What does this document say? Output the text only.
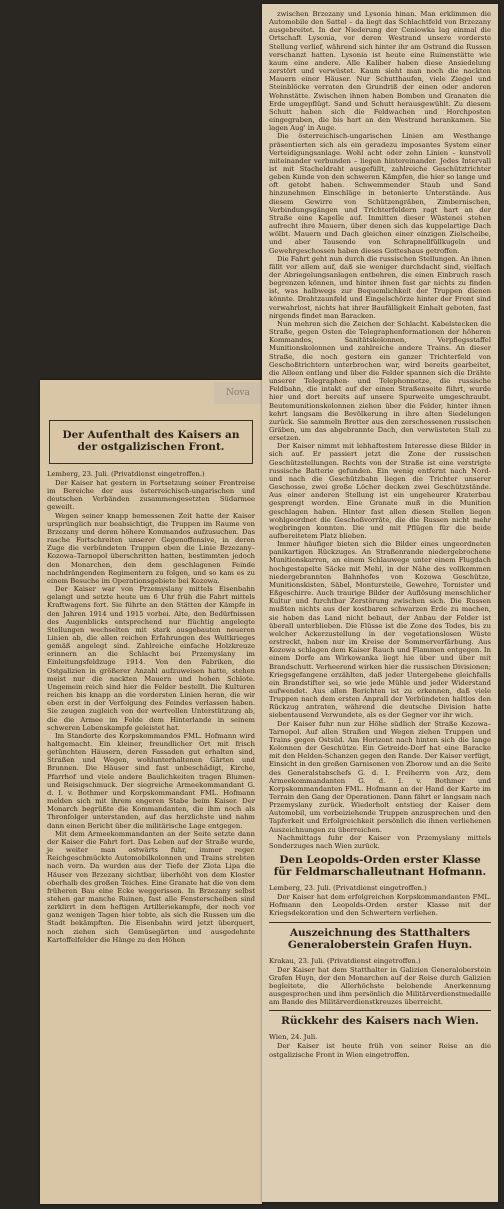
Der Aufenthalt des Kaisers an der ostgalizischen Front.
Lemberg, 23. Juli. (Privatdienst eingetroffen.)

Der Kaiser hat gestern in Fortsetzung seiner Frontreise im Bereiche der aus österreichisch-ungarischen und deutschen Verbänden zusammengesetzten Südarmee geweilt.

Wegen seiner knapp bemessenen Zeit hatte der Kaiser ursprünglich nur beabsichtigt, die Truppen im Raume von Brzezany und deren höhere Kommandos aufzusuchen. Das rasche Fortschreiten unserer Gegenoffensive, in deren Zuge die verbündeten Truppen eben die Linie Brzezany–Kozowa–Tarnopol überschritten hatten, bestimmten jedoch den Monarchen, den dem geschlagenen Feinde nachdrängenden Regimentern zu folgen, und so kam es zu einem Besuche im Operationsgebiete bei Kozowa.

Der Kaiser war von Przemyslany mittels Eisenbahn gelangt und setzte heute um 6 Uhr früh die Fahrt mittels Kraftwagens fort. Sie führte an den Stätten der Kämpfe in den Jahren 1914 und 1915 vorbei. Alte, den Bedürfnissen des Augenblicks entsprechend nur flüchtig angelegte Stellungen wechselten mit stark ausgebauten neueren Linien ab, die allen reichen Erfahrungen des Weltkrieges gemäß angelegt sind. Zahlreiche einfache Holzkreuze erinnern an die Schlacht bei Przemyslany im Einleitungsfeldzuge 1914. Von den Fabriken, die Ostgalizien in größerer Anzahl aufzuweisen hatte, stehen meist nur die nackten Mauern und hohen Schlote. Ungemein reich sind hier die Felder bestellt. Die Kulturen reichen bis knapp an die vordersten Linien heran, die wir eben erst in der Verfolgung des Feindes verlassen haben. Sie zeugen zugleich von der wertvollen Unterstützung ab, die die Armee im Felde dem Hinterlande in seinem schweren Lebenskampfe geleistet hat.

Im Standorte des Korpskommandos FML. Hofmann wird haltgemacht. Ein kleiner, freundlicher Ort mit frisch getünchten Häusern, deren Fassaden gut erhalten sind, Straßen und Wegen, wohlunterhaltenen Gärten und Brunnen. Die Häuser sind fast unbeschädigt, Kirche, Pfarrhof und viele andere Baulichkeiten tragen Blumen- und Reisigschmuck. Der siegreiche Armeekommandant G. d. I. v. Bothmer und Korpskommandant FML. Hofmann melden sich mit ihrem engeren Stabe beim Kaiser. Der Monarch begrüßte die Kommandanten, die ihm noch als Thronfolger unterstanden, auf das herzlichste und nahm dann einen Bericht über die militärische Lage entgegen.

Mit dem Armeekommandanten an der Seite setzte dann der Kaiser die Fahrt fort. Das Leben auf der Straße wurde, je weiter man ostwärts fuhr, immer reger. Reichgeschmückte Automobilkolonnen und Trains strebten nach vorn. Da wurden aus der Tiefe der Zlota Lipa die Häuser von Brzezany sichtbar, überhöht von dem Kloster oberhalb des großen Teiches. Eine Granate hat die von dem früheren Bau eine Ecke weggerissen. In Brzezany selbst stehen gar manche Ruinen, fast alle Fensterscheiben sind zerklirrt in dem heftigen Artilleriekampfe, der noch vor ganz wenigen Tagen hier tobte, als sich die Russen um die Stadt bekämpften. Die Eisenbahn wird jetzt überquert, noch ziehen sich Gemüsegärten und ausgedehnte Kartoffelfelder die Hänge zu den Höhen

Nova

zwischen Brzezany und Lysonia hinan. Man erklimmen die Automobile den Sattel – da liegt das Schlachtfeld von Brzezany ausgebreitet. In der Niederung der Ceniowka lag einmal die Ortschaft Lysonia, vor deren Westrand unsere vorderste Stellung verlief, während sich hinter ihr am Ostrand die Russen verschanzt hatten. Lysonia ist heute eine Ruinenstätte wie kaum eine andere. Alle Kaliber haben diese Ansiedelung zerstört und verwüstet. Kaum sieht man noch die nackten Mauern einer Häuser. Nur Schutthaufen, viele Ziegel und Steinblöcke verraten den Grundriß der einen oder anderen Wohnstätte. Zwischen ihnen haben Bomben und Granaten die Erde umgepflügt. Sand und Schutt herausgewühlt. Zu diesem Schutt haben sich die Feldwachen und Horchposten eingegraben, die bis hart an den Westrand herankamen. Sie lagen Aug' in Auge.

Die österreichisch-ungarischen Linien am Westhange präsentierten sich als ein geradezu imposantes System einer Verteidigungsanlage. Wohl acht oder zehn Linien – kunstvoll miteinander verbunden – liegen hintereinander. Jedes Intervall ist mit Stacheldraht ausgefüllt, zahlreiche Geschütztrichter geben Kunde von den schweren Kämpfen, die hier so lange und oft getobt haben. Schwemmender Staub und Sand hinzunehmen Einschläge in betonierte Unterstände. Aus diesem Gewirre von Schützengräben, Zimbernischen, Verbindungsgängen und Trichterfeldern ragt hart an der Straße eine Kapelle auf. Inmitten dieser Wüstenei stehen aufrecht ihre Mauern, über denen sich das kuppelartige Dach wölbt. Mauern und Dach gleichen einer einzigen Zielscheibe, und aber Tausende von Schrapnellfüllkugeln und Gewehrgeschossen haben dieses Gotteshaus getroffen.

Die Fahrt geht nun durch die russischen Stellungen. An ihnen fällt vor allem auf, daß sie weniger durchdacht sind, vielfach der Abriegelungsanlagen entbehren, die einen Einbruch rasch begrenzen können, und hinter ihnen fast gar nichts zu finden ist, was halbwegs zur Bequemlichkeit der Truppen dienen könnte. Drahtzaunfeld und Eingelschörze hinter der Front sind verwahrlost, nichts hat ihrer Baufälligkeit Einhalt geboten, fast nirgends findet man Baracken.

Nun mehren sich die Zeichen der Schlacht. Kabelstecken die Straße, gegen Osten die Telegraphenformationen der höheren Kommandos, Sanitätskolonnen, Verpflegsstaffel Munitionskolonnen und zahlreiche andere Trains. An dieser Straße, die noch gestern ein ganzer Trichterfeld von Geschoßtrichtern unterbrochen war, wird bereits gearbeitet, die Alleen entlang und über die Felder spannen sich die Drähte unserer Telegraphen- und Telephonnetze, die russische Feldbahn, die intakt auf der einen Straßenseite führt, wurde hier und dort bereits auf unsere Spurweite umgeschraubt. Beutemunitionskolonnen ziehen über die Felder, hinter ihnen kehrt langsam die Bevölkerung in ihre alten Siedelungen zurück. Sie sammeln Bretter aus den zerschossenen russischen Gräben, um das abgebrannte Dach, den verwüsteten Stall zu ersetzen.

Der Kaiser nimmt mit lebhaftestem Interesse diese Bilder in sich auf. Er passiert jetzt die Zone der russischen Geschützstellungen. Rechts von der Straße ist eine verstrigte russische Batterie gefunden. Ein wenig entfernt nach Nord- und nach die Geschützbahn liegen die Trichter unserer Geschosse, zwei große Löcher decken zwei Geschützstände. Aus einer anderen Stellung ist ein ungeheurer Kraterbau gesprengt worden. Eine Granate muß in die Munition geschlagen haben. Hinter fast allen diesen Stellen liegen wohlgeordnet die Geschoßvorräte, die die Russen nicht mehr wegbringen konnten. Die und mit Pflügen für die beide aufbereitetem Platz blieben.

Immer häufiger bieten sich die Bilder eines ungeordneten panikartigen Rückzuges. An Straßenrande niedergebrochene Munitionskarren, an einem Schlauwege unter einem Flugdach hochgestapelte Säcke mit Mehl, in der Nähe des vollkommen niedergebrannten Bahnhofes von Kozowa Geschütze, Munitionskisten, Säbel, Montursteile, Gewehre, Tornister und Eßgeschirre. Auch traurige Bilder der Auflösung menschlicher Kultur und furchtbar Zerstörung zwischen sich. Die Russen mußten nichts aus der kostbaren schwarzen Erde zu machen, sie haben das Land nicht bebaut, der Anbau der Felder ist überall unterblieben. Die Flüsse ist die Zone des Todes, bis zu welcher Ackerzustellung in der vegetationslosen Wüste erstreckt, haben nur im Kreise der Sommerverfärbung. Aus Kozowa schlagen dem Kaiser Rauch und Flammen entgegen. In einem Dorfe am Wirkowanka liegt hie über und über mit Brandschutt. Verheerend wirken hier die russischen Divisionen; Kriegsgefangene erzählten, daß jeder Untergebene gleichfalls ein Brandstifter sei, so wie jede Mühle und jeder Widerstand aufwendet. Aus allen Berichten ist zu erkennen, daß viele Truppen nach dem ersten Anprall der Verbündeten haltlos den Rückzug antraten, während die deutsche Division hatte siebentausend Verwundete, als es der Gegner vor ihr wich.

Der Kaiser fuhr nun zur Höhe südlich der Straße Kozowa–Tarnopol. Auf allen Straßen und Wegen ziehen Truppen und Trains gegen Ostsüd. Am Horizont nach hinten sich die lange Kolonnen der Geschütze. Ein Getreide-Dorf hat eine Baracke mit den Helden-Schanzen gegen den Rande. Der Kaiser verfügt, Einsicht in den großen Garnisonen von Zborow und an die Seite des Generalstabschefs G. d. I. Freiherrn von Arz, dem Armeekommandanten G. d. I. v. Bothmer und Korpskommandanten FML. Hofmann an der Hand der Karte im Terrain den Gang der Operationen. Dann fährt er langsam nach Przemyslany zurück. Wiederholt entstieg der Kaiser dem Automobil, um vorbeiziehende Truppen anzusprechen und den Tapferkeit und Erfolgreichkeit persönlich die ihnen verliehenen Auszeichnungen zu überreichen.

Nachmittags fuhr der Kaiser von Przemyslany mittels Sonderzuges nach Wien zurück.

Den Leopolds-Orden erster Klasse für Feldmarschalleutnant Hofmann.
Lemberg, 23. Juli. (Privatdienst eingetroffen.)

Der Kaiser hat dem erfolgreichen Korpskommandanten FML. Hofmann den Leopolds-Orden erster Klasse mit der Kriegsdekoration und den Schwertern verliehen.

Auszeichnung des Statthalters Generaloberstein Grafen Huyn.
Krakau, 23. Juli. (Privatdienst eingetroffen.)

Der Kaiser hat dem Statthalter in Galizien Generaloberstein Grafen Huyn, der den Monarchen auf der Reise durch Galizien begleitete, die Allerhöchste belobende Anerkennung ausgesprochen und ihm persönlich die Militärverdienstmedaille am Bande des Militärverdienstkreuzes überreicht.

Rückkehr des Kaisers nach Wien.
Wien, 24. Juli.

Der Kaiser ist heute früh von seiner Reise an die ostgalizische Front in Wien eingetroffen.
